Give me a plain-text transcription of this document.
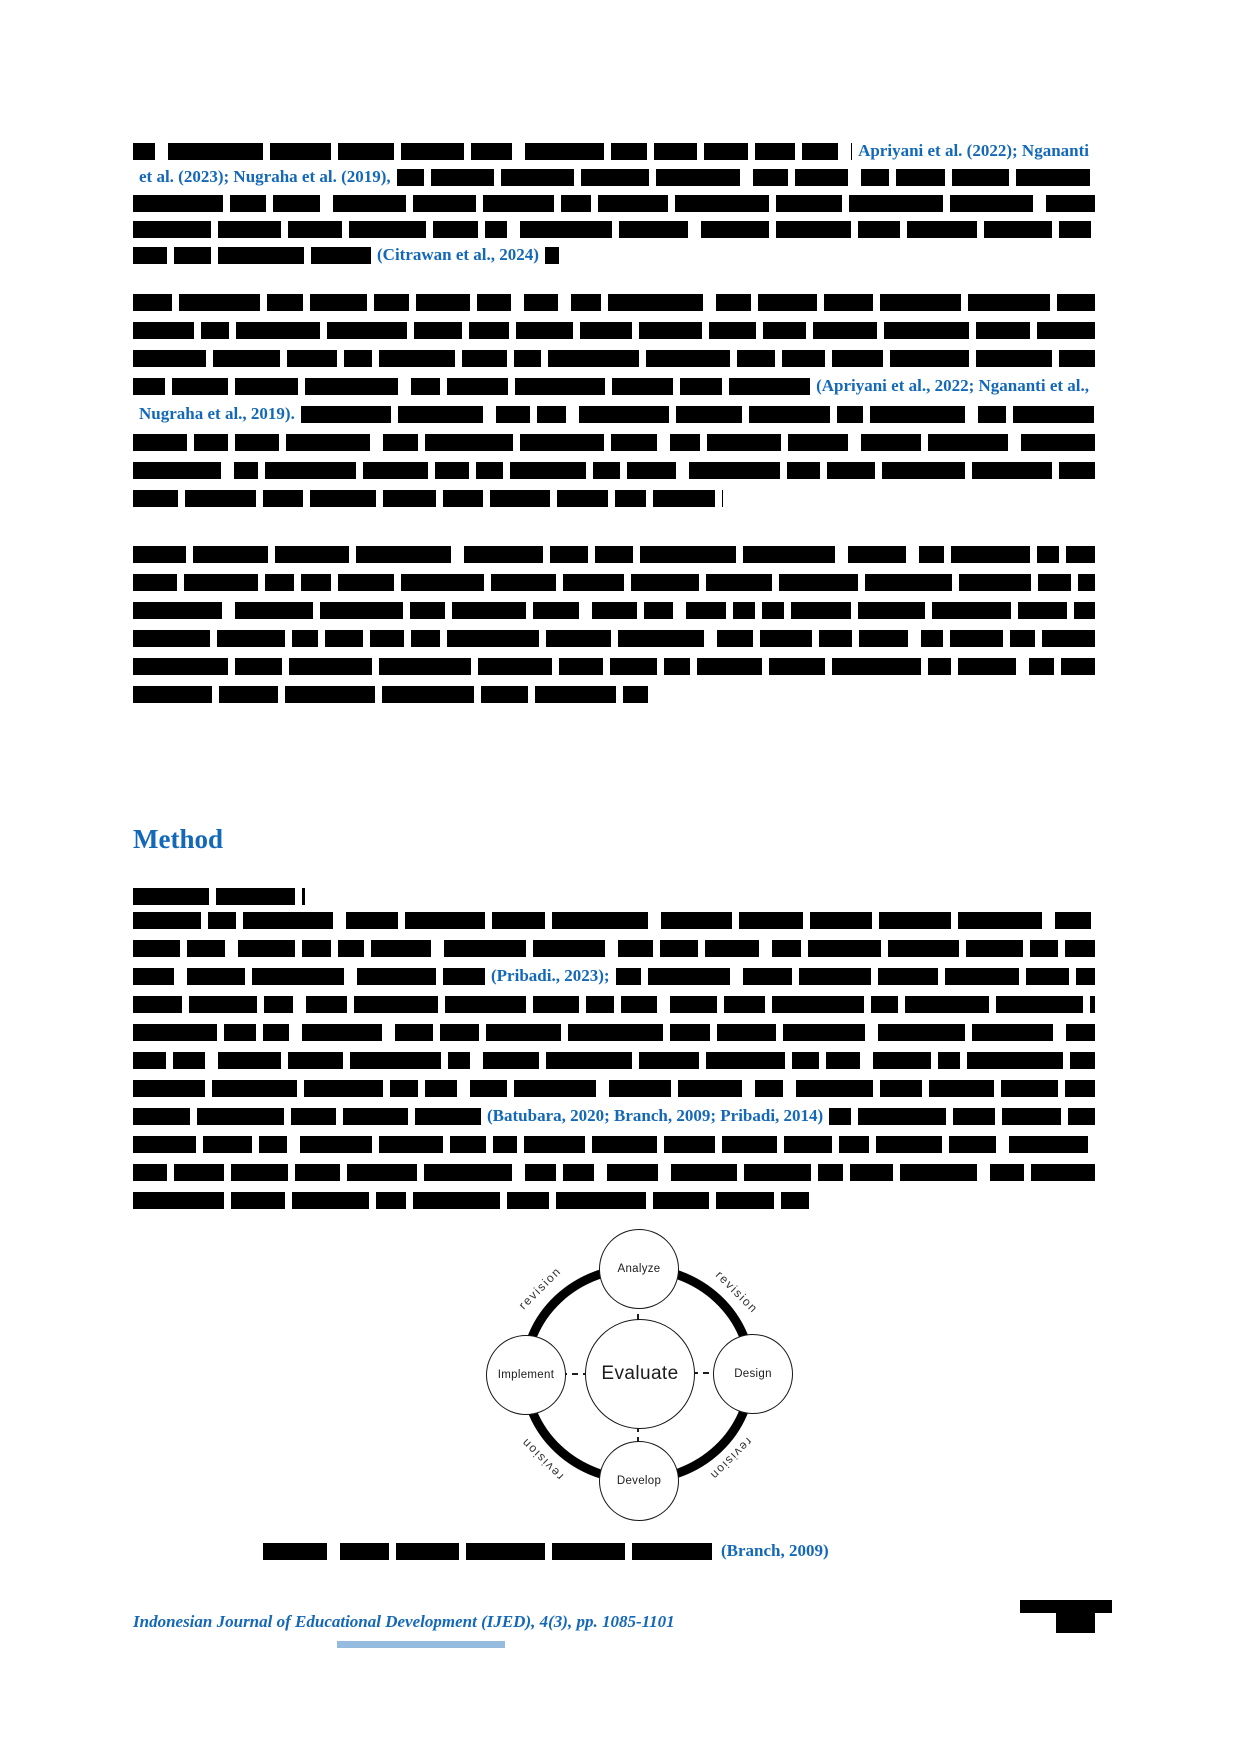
Apriyani et al. (2022); Ngananti
et al. (2023); Nugraha et al. (2019),
(Citrawan et al., 2024)
(Apriyani et al., 2022; Ngananti et al.,
Nugraha et al., 2019).
(Pribadi., 2023);
(Batubara, 2020; Branch, 2009; Pribadi, 2014)
(Branch, 2009)
Method
Analyze
Design
Develop
Implement Evaluate
revision	revision
revision	revision
Indonesian Journal of Educational Development (IJED), 4(3), pp. 1085-1101
